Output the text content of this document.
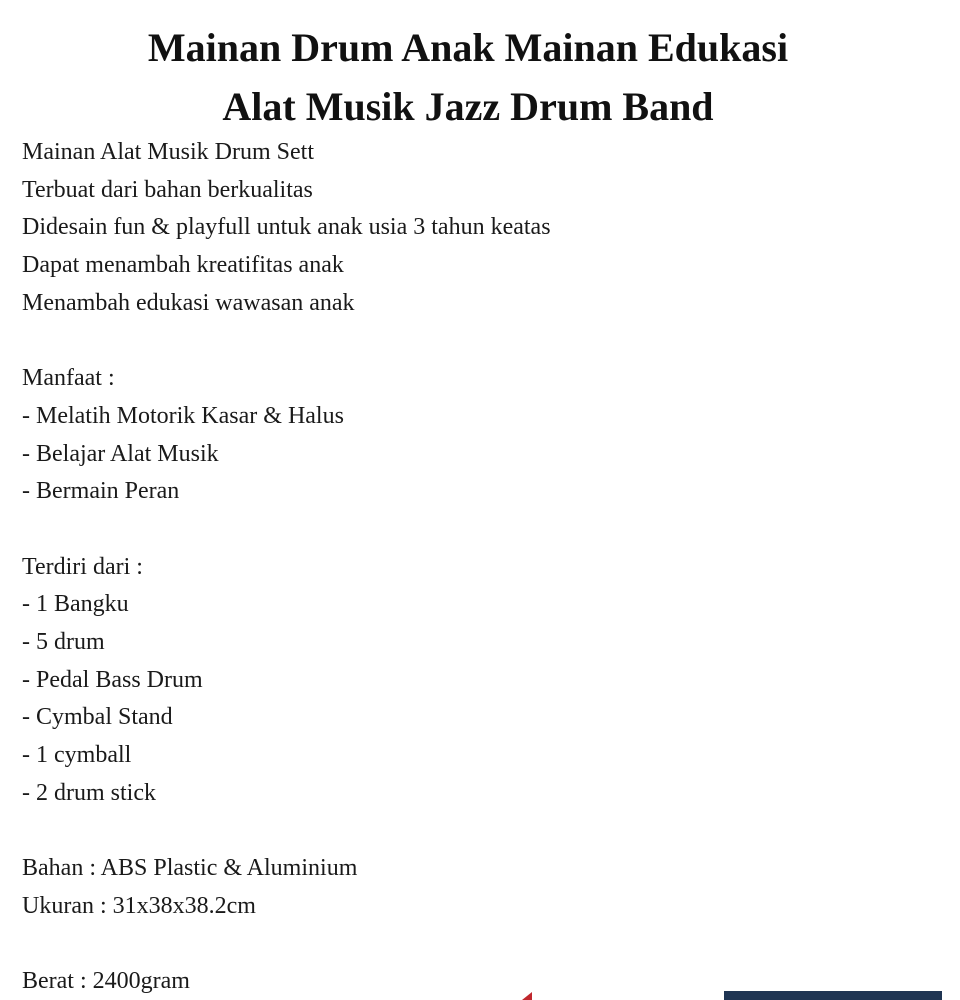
Mainan Drum Anak Mainan Edukasi
Alat Musik Jazz Drum Band
Mainan Alat Musik Drum Sett
Terbuat dari bahan berkualitas
Didesain fun & playfull untuk anak usia 3 tahun keatas
Dapat menambah kreatifitas anak
Menambah edukasi wawasan anak
Manfaat :
- Melatih Motorik Kasar & Halus
- Belajar Alat Musik
- Bermain Peran
Terdiri dari :
- 1 Bangku
- 5 drum
- Pedal Bass Drum
- Cymbal Stand
- 1 cymball
- 2 drum stick
Bahan : ABS Plastic & Aluminium
Ukuran : 31x38x38.2cm
Berat : 2400gram
